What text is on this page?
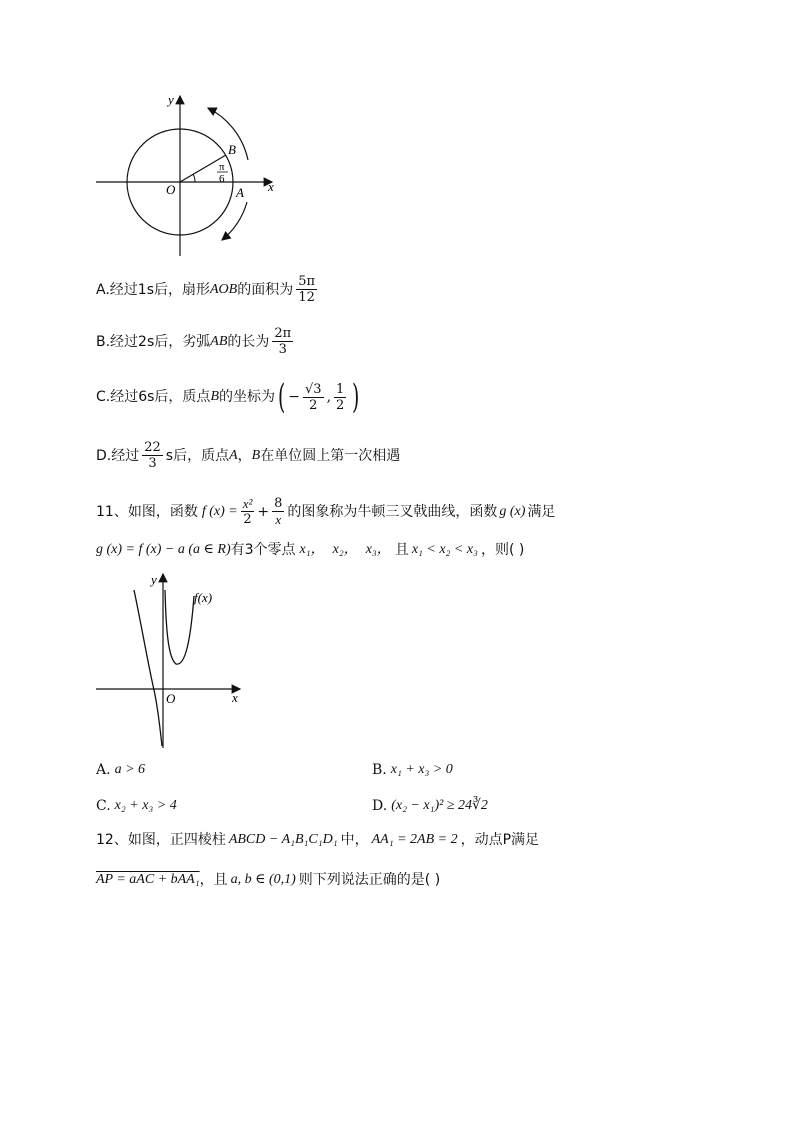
y
x
O	A
B
π
6
A.经过1s后，扇形 AOB 的面积为 $\frac{5\pi}{12}$
B.经过2s后，劣弧 AB 的长为 $\frac{2\pi}{3}$
C.经过6s后，质点 B 的坐标为 ( − $\frac{√3}{2}$ , $\frac{1}{2}$ )
D.经过 $\frac{22}{3}$ s后，质点 A ， B 在单位圆上第一次相遇
11、如图，函数 f $(x) = \frac{\text{x²}}{2} + \frac{8}{x}$ 的图象称为牛顿三叉戟曲线，函数 g (x) 满足
g (x) = f (x) − a (a ∈ R) 有3个零点 x₁， x₂， x₃， 且 x₁ < x₂ < x₃ ，则( )
f(x)
y
x
O
A. a > 6	B. x₁ + x₃ > 0
C. x₂ + x₃ > 4	D. (x₂ − x₁)² ≥ 24∛2
12、如图，正四棱柱 ABCD − A₁B₁C₁D₁ 中， AA₁ = 2AB = 2 ，动点P满足
AP = aAC + bAA₁ ，且 a, b ∈ (0,1) 则下列说法正确的是( )
